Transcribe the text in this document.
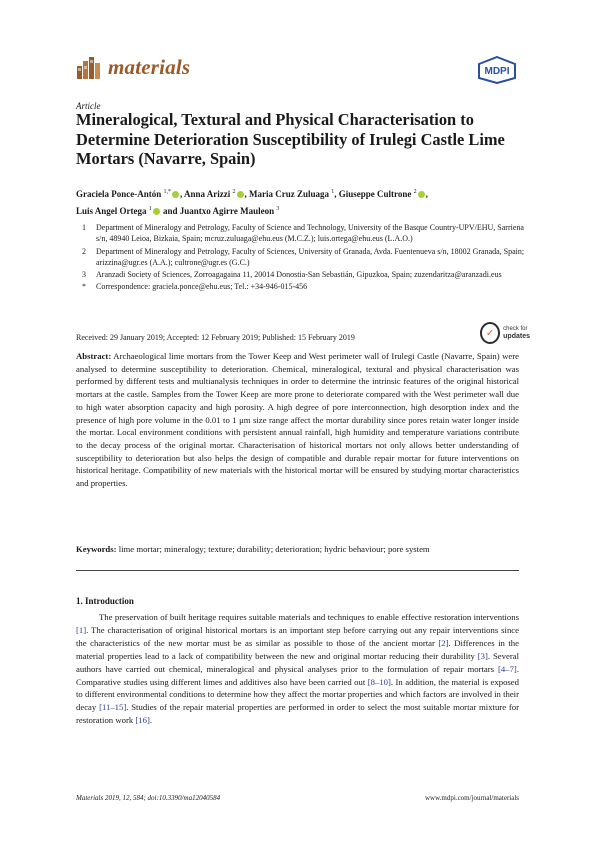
materials	MDPI
Article
Mineralogical, Textural and Physical Characterisation to Determine Deterioration Susceptibility of Irulegi Castle Lime Mortars (Navarre, Spain)
Graciela Ponce-Antón $^{1,*}$ , Anna Arizzi $^2$ , Maria Cruz Zuluaga $^1$, Giuseppe Cultrone $^2$ ,
Luis Angel Ortega $^1$ and Juantxo Agirre Mauleon $^3$
1	Department of Mineralogy and Petrology, Faculty of Science and Technology, University of the Basque Country-UPV/EHU, Sarriena s/n, 48940 Leioa, Bizkaia, Spain; mcruz.zuluaga@ehu.eus (M.C.Z.); luis.ortega@ehu.eus (L.A.O.)
2	Department of Mineralogy and Petrology, Faculty of Sciences, University of Granada, Avda. Fuentenueva s/n, 18002 Granada, Spain; arizzina@ugr.es (A.A.); cultrone@ugr.es (G.C.)
3	Aranzadi Society of Sciences, Zorroagagaina 11, 20014 Donostia-San Sebastián, Gipuzkoa, Spain; zuzendaritza@aranzadi.eus
*	Correspondence: graciela.ponce@ehu.eus; Tel.: +34-946-015-456
Received: 29 January 2019; Accepted: 12 February 2019; Published: 15 February 2019	✓	check for
updates

Abstract: Archaeological lime mortars from the Tower Keep and West perimeter wall of Irulegi Castle (Navarre, Spain) were analysed to determine susceptibility to deterioration. Chemical, mineralogical, textural and physical characterisation was performed by different tests and multianalysis techniques in order to determine the intrinsic features of the original historical mortars at the castle. Samples from the Tower Keep are more prone to deteriorate compared with the West perimeter wall due to high water absorption capacity and high porosity. A high degree of pore interconnection, high desorption index and the presence of high pore volume in the 0.01 to 1 μm size range affect the mortar durability since pores retain water longer inside the mortar. Local environment conditions with persistent annual rainfall, high humidity and temperature variations contribute to the decay process of the original mortar. Characterisation of historical mortars not only allows better understanding of susceptibility to deterioration but also helps the design of compatible and durable repair mortar for future interventions on historical heritage. Compatibility of new materials with the historical mortar will be ensured by studying mortar characteristics and properties.

Keywords: lime mortar; mineralogy; texture; durability; deterioration; hydric behaviour; pore system
1. Introduction

The preservation of built heritage requires suitable materials and techniques to enable effective restoration interventions [1]. The characterisation of original historical mortars is an important step before carrying out any repair interventions since the characteristics of the new mortar must be as similar as possible to those of the ancient mortar [2]. Differences in the material properties lead to a lack of compatibility between the new and original mortar reducing their durability [3]. Several authors have carried out chemical, mineralogical and physical analyses prior to the formulation of repair mortars [4–7]. Comparative studies using different limes and additives also have been carried out [8–10]. In addition, the material is exposed to different environmental conditions to determine how they affect the mortar properties and which factors are involved in their decay [11–15]. Studies of the repair material properties are performed in order to select the most suitable mortar mixture for restoration work [16].

Materials 2019, 12, 584; doi:10.3390/ma12040584	www.mdpi.com/journal/materials
